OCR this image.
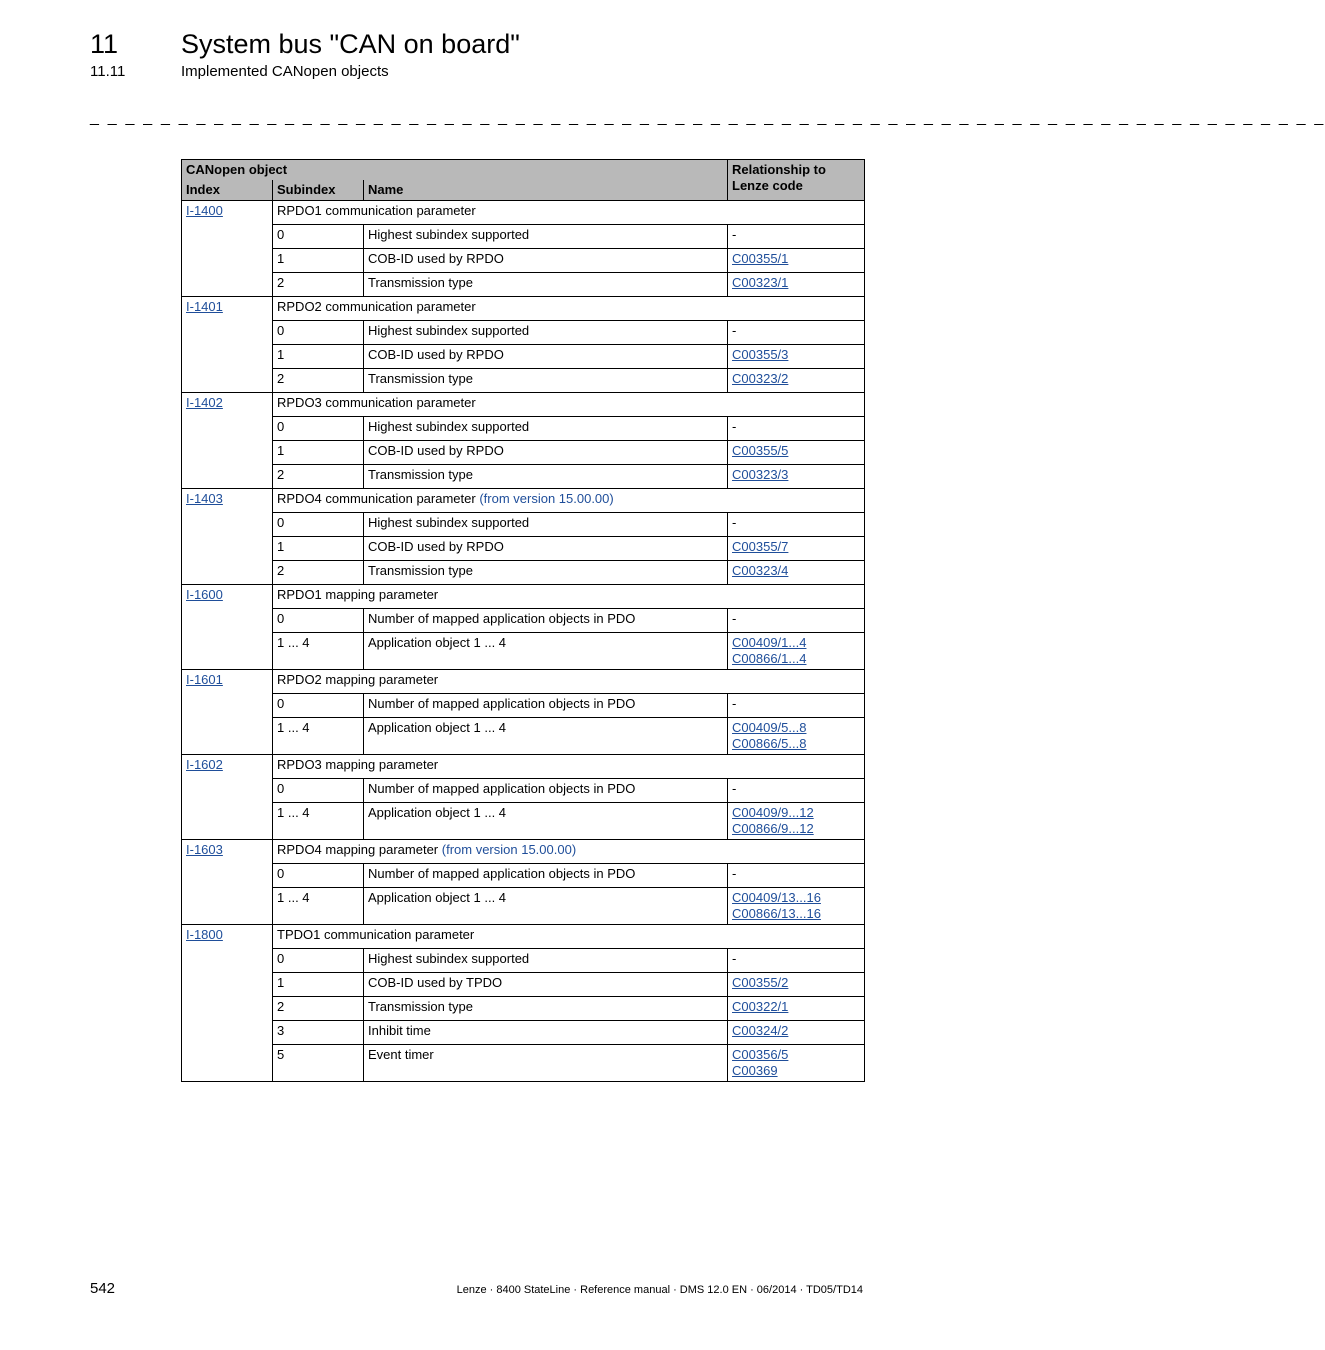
11 System bus "CAN on board"
11.11	Implemented CANopen objects
_ _ _ _ _ _ _ _ _ _ _ _ _ _ _ _ _ _ _ _ _ _ _ _ _ _ _ _ _ _ _ _ _ _ _ _ _ _ _ _ _ _ _ _ _ _ _ _ _ _ _ _ _ _ _ _ _ _ _ _ _ _ _ _ _ _ _ _ _ _
CANopen object			Relationship to Lenze code
Index	Subindex	Name	
I-1400	RPDO1 communication parameter		
	0	Highest subindex supported	-
	1	COB-ID used by RPDO	C00355/1
	2	Transmission type	C00323/1
I-1401	RPDO2 communication parameter		
	0	Highest subindex supported	-
	1	COB-ID used by RPDO	C00355/3
	2	Transmission type	C00323/2
I-1402	RPDO3 communication parameter		
	0	Highest subindex supported	-
	1	COB-ID used by RPDO	C00355/5
	2	Transmission type	C00323/3
I-1403	RPDO4 communication parameter (from version 15.00.00)		
	0	Highest subindex supported	-
	1	COB-ID used by RPDO	C00355/7
	2	Transmission type	C00323/4
I-1600	RPDO1 mapping parameter		
	0	Number of mapped application objects in PDO	-
	1 ... 4	Application object 1 ... 4	C00409/1...4
C00866/1...4
I-1601	RPDO2 mapping parameter		
	0	Number of mapped application objects in PDO	-
	1 ... 4	Application object 1 ... 4	C00409/5...8
C00866/5...8
I-1602	RPDO3 mapping parameter		
	0	Number of mapped application objects in PDO	-
	1 ... 4	Application object 1 ... 4	C00409/9...12
C00866/9...12
I-1603	RPDO4 mapping parameter (from version 15.00.00)		
	0	Number of mapped application objects in PDO	-
	1 ... 4	Application object 1 ... 4	C00409/13...16
C00866/13...16
I-1800	TPDO1 communication parameter		
	0	Highest subindex supported	-
	1	COB-ID used by TPDO	C00355/2
	2	Transmission type	C00322/1
	3	Inhibit time	C00324/2
	5	Event timer	C00356/5
C00369
542	Lenze · 8400 StateLine · Reference manual · DMS 12.0 EN · 06/2014 · TD05/TD14
